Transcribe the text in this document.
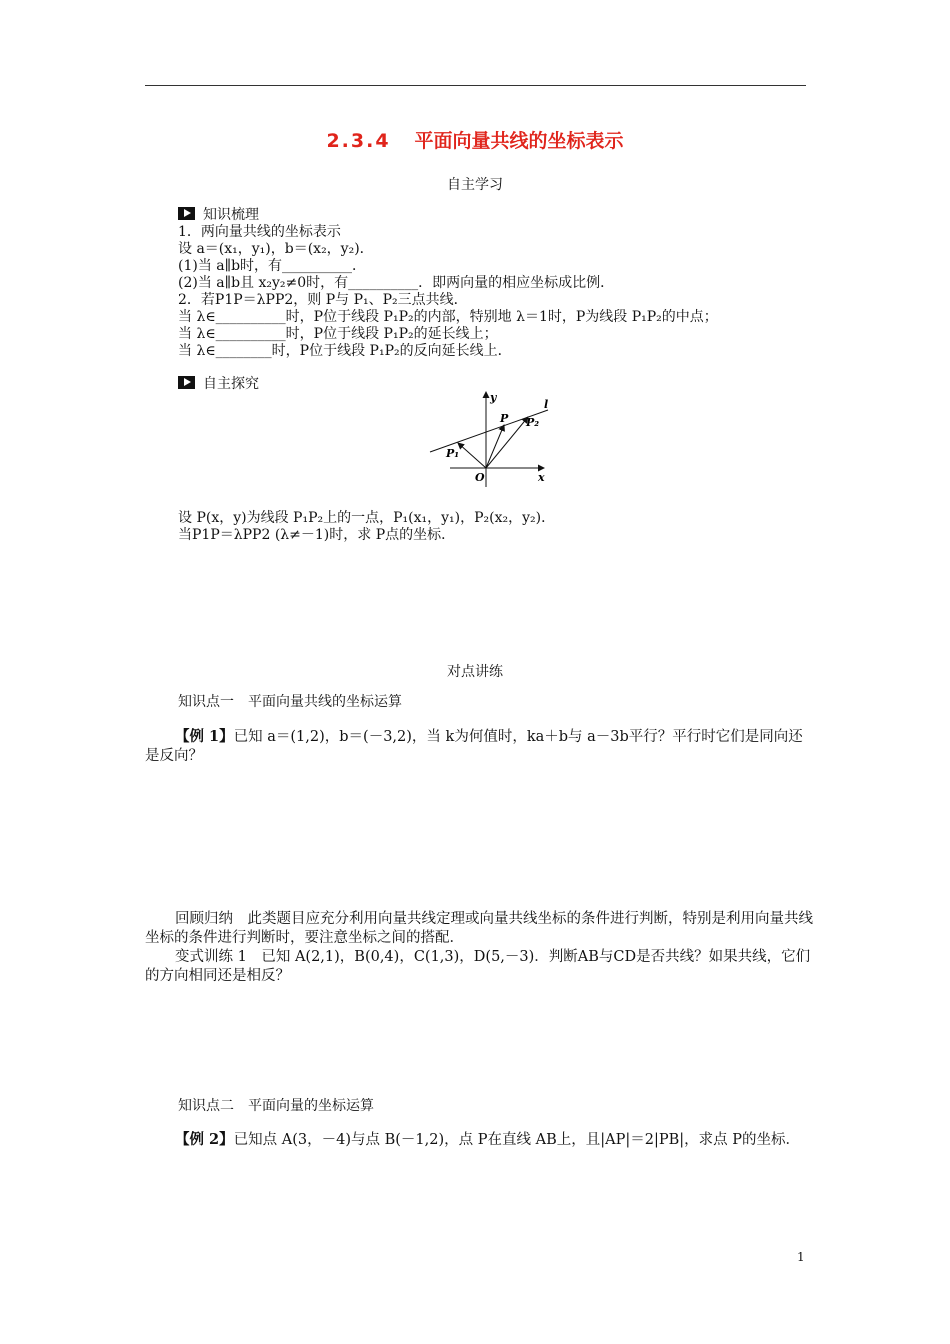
2.3.4 平面向量共线的坐标表示
自主学习
知识梳理
1．两向量共线的坐标表示
设 a＝(x₁，y₁)，b＝(x₂，y₂)．
(1)当 a∥b时，有__________．
(2)当 a∥b且 x₂y₂≠0时，有__________．即两向量的相应坐标成比例．
2．若P1P＝λPP2，则 P与 P₁、P₂三点共线．
当 λ∈__________时，P位于线段 P₁P₂的内部，特别地 λ＝1时，P为线段 P₁P₂的中点；
当 λ∈__________时，P位于线段 P₁P₂的延长线上；
当 λ∈________时，P位于线段 P₁P₂的反向延长线上．
自主探究
y
P
l
P₂
P₁
O	x
设 P(x，y)为线段 P₁P₂上的一点，P₁(x₁，y₁)，P₂(x₂，y₂)．
当P1P＝λPP2 (λ≠－1)时，求 P点的坐标．
对点讲练
知识点一　平面向量共线的坐标运算
【例 1】已知 a＝(1,2)，b＝(－3,2)，当 k为何值时，ka＋b与 a－3b平行？平行时它们是同向还是反向？
回顾归纳　此类题目应充分利用向量共线定理或向量共线坐标的条件进行判断，特别是利用向量共线坐标的条件进行判断时，要注意坐标之间的搭配．
变式训练 1　已知 A(2,1)，B(0,4)，C(1,3)，D(5,－3)．判断AB与CD是否共线？如果共线，它们的方向相同还是相反？
知识点二　平面向量的坐标运算
【例 2】已知点 A(3，－4)与点 B(－1,2)，点 P在直线 AB上，且|AP|＝2|PB|，求点 P的坐标．
1
